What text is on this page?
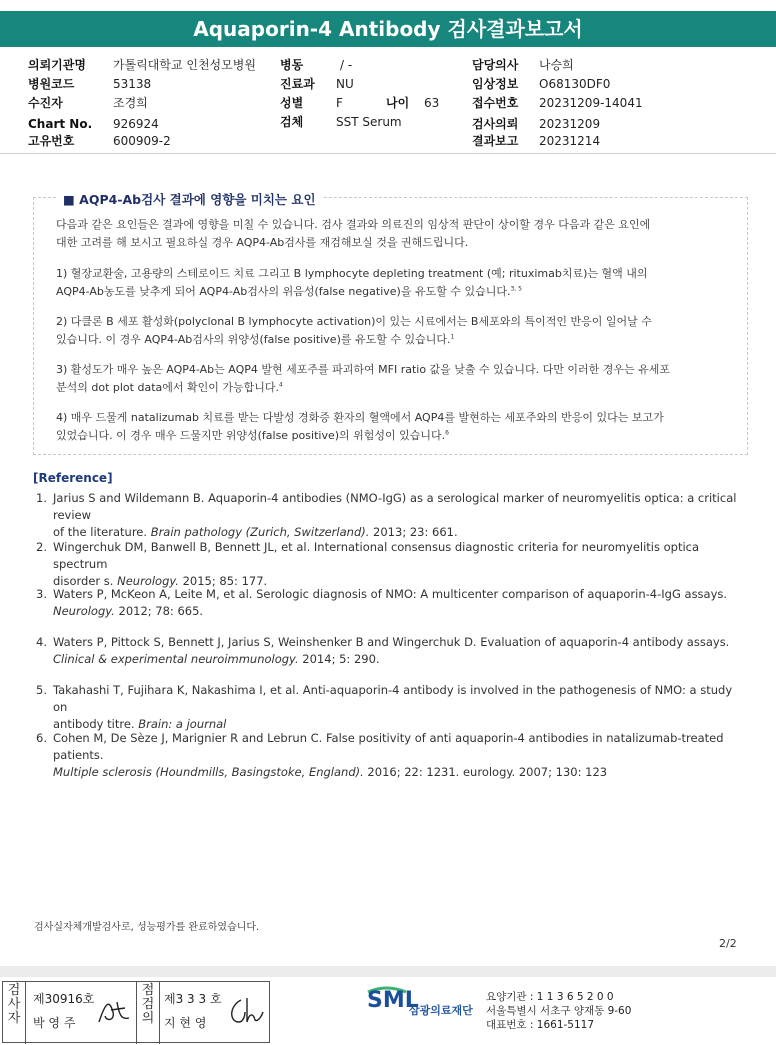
Aquaporin-4 Antibody 검사결과보고서
의뢰기관명 가톨릭대학교 인천성모병원
병원코드	53138
수진자	조경희
Chart No. 926924
고유번호	600909-2
병동	/ -
진료과 NU
성별	F	나이 63
검체	SST Serum
담당의사 나승희
임상정보 O68130DF0
접수번호 20231209-14041
검사의뢰 20231209
결과보고 20231214
■ AQP4-Ab검사 결과에 영향을 미치는 요인
다음과 같은 요인들은 결과에 영향을 미칠 수 있습니다. 검사 결과와 의료진의 임상적 판단이 상이할 경우 다음과 같은 요인에
대한 고려를 해 보시고 필요하실 경우 AQP4-Ab검사를 재검해보실 것을 권해드립니다.
1) 혈장교환술, 고용량의 스테로이드 치료 그리고 B lymphocyte depleting treatment (예; rituximab치료)는 혈액 내의
AQP4-Ab농도를 낮추게 되어 AQP4-Ab검사의 위음성(false negative)을 유도할 수 있습니다.$^{3, 5}$
2) 다클론 B 세포 활성화(polyclonal B lymphocyte activation)이 있는 시료에서는 B세포와의 특이적인 반응이 일어날 수
있습니다. 이 경우 AQP4-Ab검사의 위양성(false positive)를 유도할 수 있습니다.$^1$
3) 활성도가 매우 높은 AQP4-Ab는 AQP4 발현 세포주를 파괴하여 MFI ratio 값을 낮출 수 있습니다. 다만 이러한 경우는 유세포
분석의 dot plot data에서 확인이 가능합니다.$^4$
4) 매우 드물게 natalizumab 치료를 받는 다발성 경화증 환자의 혈액에서 AQP4를 발현하는 세포주와의 반응이 있다는 보고가
있었습니다. 이 경우 매우 드물지만 위양성(false positive)의 위험성이 있습니다.$^6$
[Reference]
1. Jarius S and Wildemann B. Aquaporin-4 antibodies (NMO-IgG) as a serological marker of neuromyelitis optica: a critical review
of the literature. Brain pathology (Zurich, Switzerland). 2013; 23: 661.
2. Wingerchuk DM, Banwell B, Bennett JL, et al. International consensus diagnostic criteria for neuromyelitis optica spectrum
disorder s. Neurology. 2015; 85: 177.
3. Waters P, McKeon A, Leite M, et al. Serologic diagnosis of NMO: A multicenter comparison of aquaporin-4-IgG assays.
Neurology. 2012; 78: 665.
4. Waters P, Pittock S, Bennett J, Jarius S, Weinshenker B and Wingerchuk D. Evaluation of aquaporin-4 antibody assays.
Clinical & experimental neuroimmunology. 2014; 5: 290.
5. Takahashi T, Fujihara K, Nakashima I, et al. Anti-aquaporin-4 antibody is involved in the pathogenesis of NMO: a study on
antibody titre. Brain: a journal
6. Cohen M, De Sèze J, Marignier R and Lebrun C. False positivity of anti aquaporin-4 antibodies in natalizumab-treated patients.
Multiple sclerosis (Houndmills, Basingstoke, England). 2016; 22: 1231. eurology. 2007; 130: 123
검사실자체개발검사로, 성능평가를 완료하였습니다.
2/2
검
사
자
제30916호
박 영 주
점
검
의
제3 3 3 호
지 현 영
SML
삼광의료재단
요양기관 : 1 1 3 6 5 2 0 0
서울특별시 서초구 양재동 9-60
대표번호 : 1661-5117
